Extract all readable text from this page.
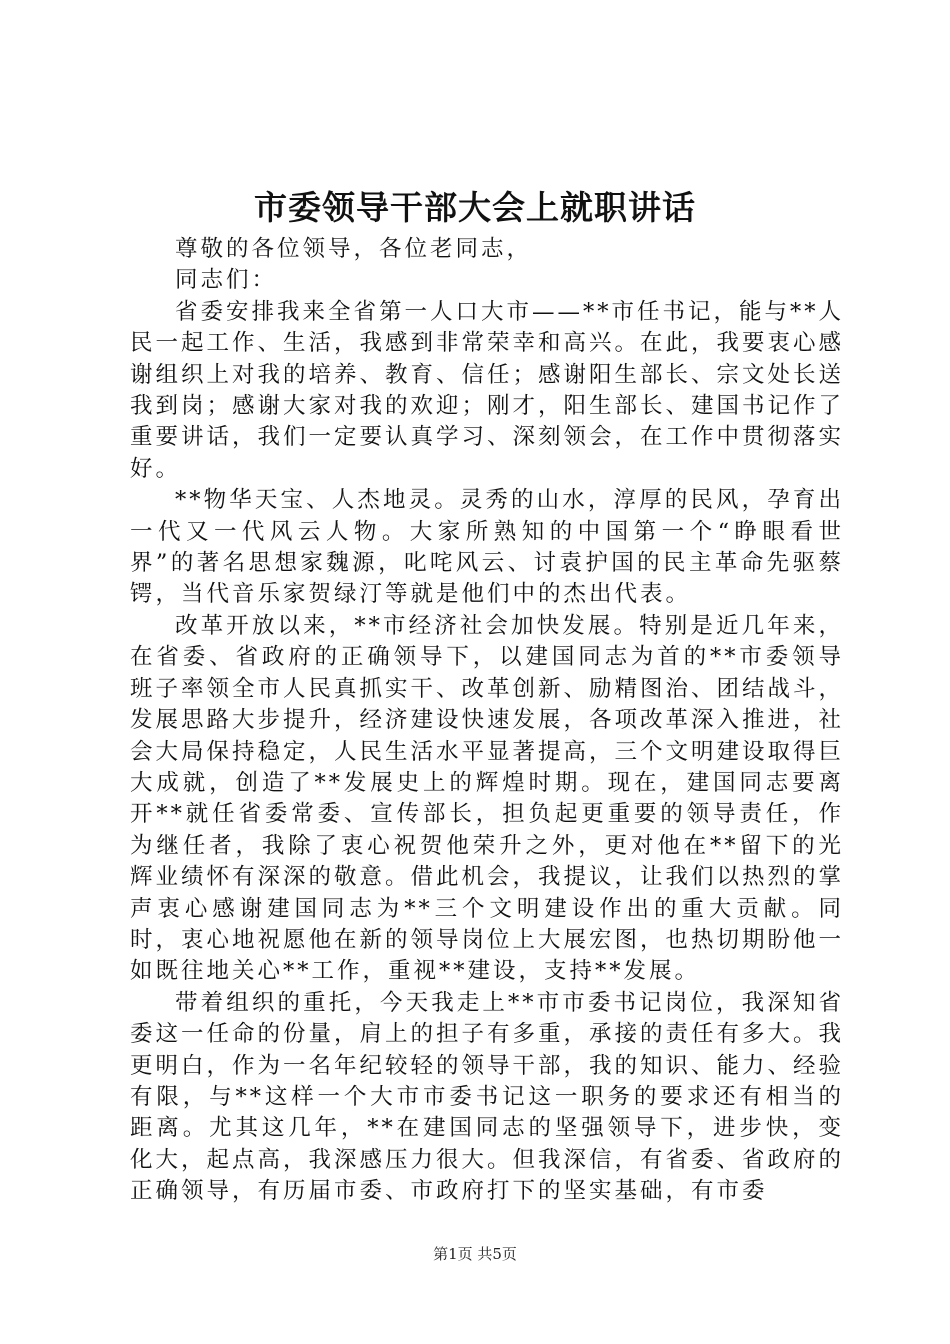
市委领导干部大会上就职讲话

尊敬的各位领导，各位老同志，

同志们：

省委安排我来全省第一人口大市——**市任书记，能与**人民一起工作、生活，我感到非常荣幸和高兴。在此，我要衷心感谢组织上对我的培养、教育、信任；感谢阳生部长、宗文处长送我到岗；感谢大家对我的欢迎；刚才，阳生部长、建国书记作了重要讲话，我们一定要认真学习、深刻领会，在工作中贯彻落实好。

**物华天宝、人杰地灵。灵秀的山水，淳厚的民风，孕育出一代又一代风云人物。大家所熟知的中国第一个“睁眼看世界”的著名思想家魏源，叱咤风云、讨袁护国的民主革命先驱蔡锷，当代音乐家贺绿汀等就是他们中的杰出代表。

改革开放以来，**市经济社会加快发展。特别是近几年来，在省委、省政府的正确领导下，以建国同志为首的**市委领导班子率领全市人民真抓实干、改革创新、励精图治、团结战斗，发展思路大步提升，经济建设快速发展，各项改革深入推进，社会大局保持稳定，人民生活水平显著提高，三个文明建设取得巨大成就，创造了**发展史上的辉煌时期。现在，建国同志要离开**就任省委常委、宣传部长，担负起更重要的领导责任，作为继任者，我除了衷心祝贺他荣升之外，更对他在**留下的光辉业绩怀有深深的敬意。借此机会，我提议，让我们以热烈的掌声衷心感谢建国同志为**三个文明建设作出的重大贡献。同时，衷心地祝愿他在新的领导岗位上大展宏图，也热切期盼他一如既往地关心**工作，重视**建设，支持**发展。

带着组织的重托，今天我走上**市市委书记岗位，我深知省委这一任命的份量，肩上的担子有多重，承接的责任有多大。我更明白，作为一名年纪较轻的领导干部，我的知识、能力、经验有限，与**这样一个大市市委书记这一职务的要求还有相当的距离。尤其这几年，**在建国同志的坚强领导下，进步快，变化大，起点高，我深感压力很大。但我深信，有省委、省政府的正确领导，有历届市委、市政府打下的坚实基础，有市委

第1页 共5页
